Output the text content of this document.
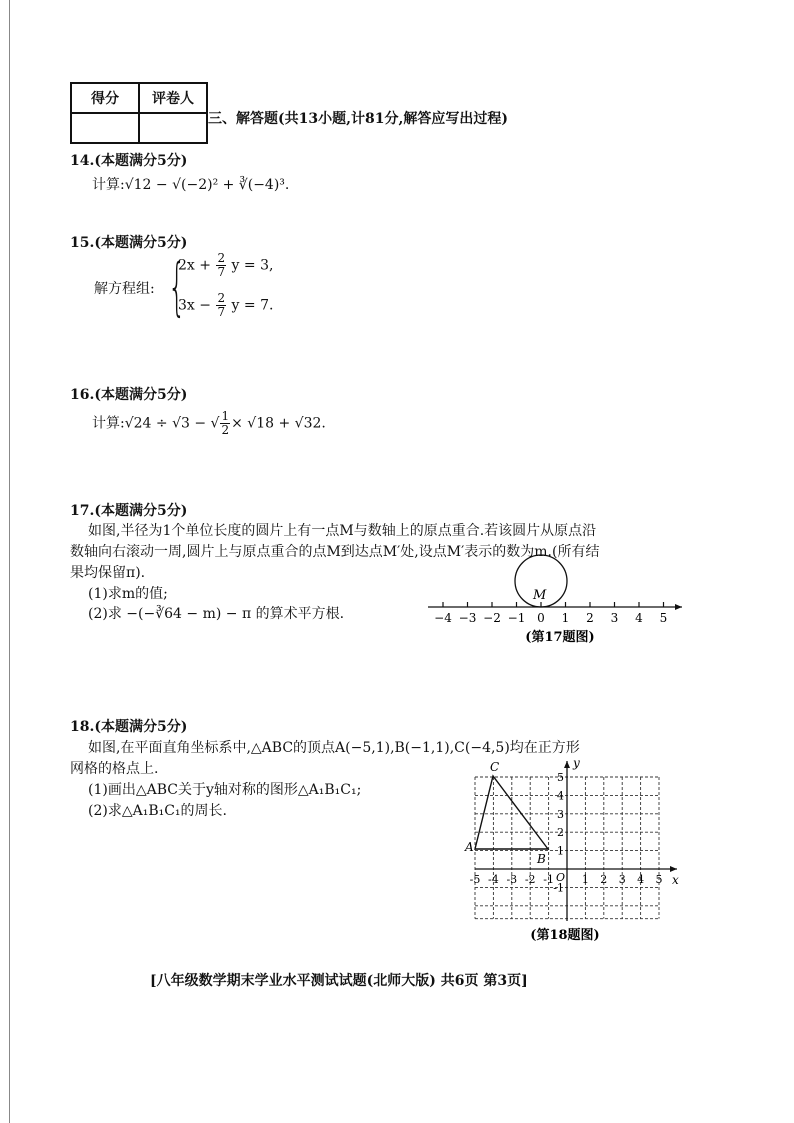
得分	评卷人

三、解答题(共13小题,计81分,解答应写出过程)
14.(本题满分5分)
计算:√12 − √(−2)² + ∛(−4)³.
15.(本题满分5分)
解方程组: {
$2x + \frac{2}{7}$ y = 3,
$3x - \frac{2}{7}$ y = 7.
16.(本题满分5分)
计算:√24 ÷ √3 − √ $\frac{1}{2} \times √18 + √32$.
17.(本题满分5分)
如图,半径为1个单位长度的圆片上有一点M与数轴上的原点重合.若该圆片从原点沿
数轴向右滚动一周,圆片上与原点重合的点M到达点M′处,设点M′表示的数为m.(所有结
果均保留π).
(1)求m的值;
(2)求 −(−∛64 − m) − π 的算术平方根.
M
−4 −3 −2 −1 0 1 2 3 4 5
(第17题图)
18.(本题满分5分)
如图,在平面直角坐标系中,△ABC的顶点A(−5,1),B(−1,1),C(−4,5)均在正方形
网格的格点上.
(1)画出△ABC关于y轴对称的图形△A₁B₁C₁;
(2)求△A₁B₁C₁的周长.
A
B
C
x
y
O
-5 -4 -3 -2 -1	1 2 3 4 5
5
4
3
2
1
-1
(第18题图)
[八年级数学期末学业水平测试试题(北师大版) 共6页 第3页]
